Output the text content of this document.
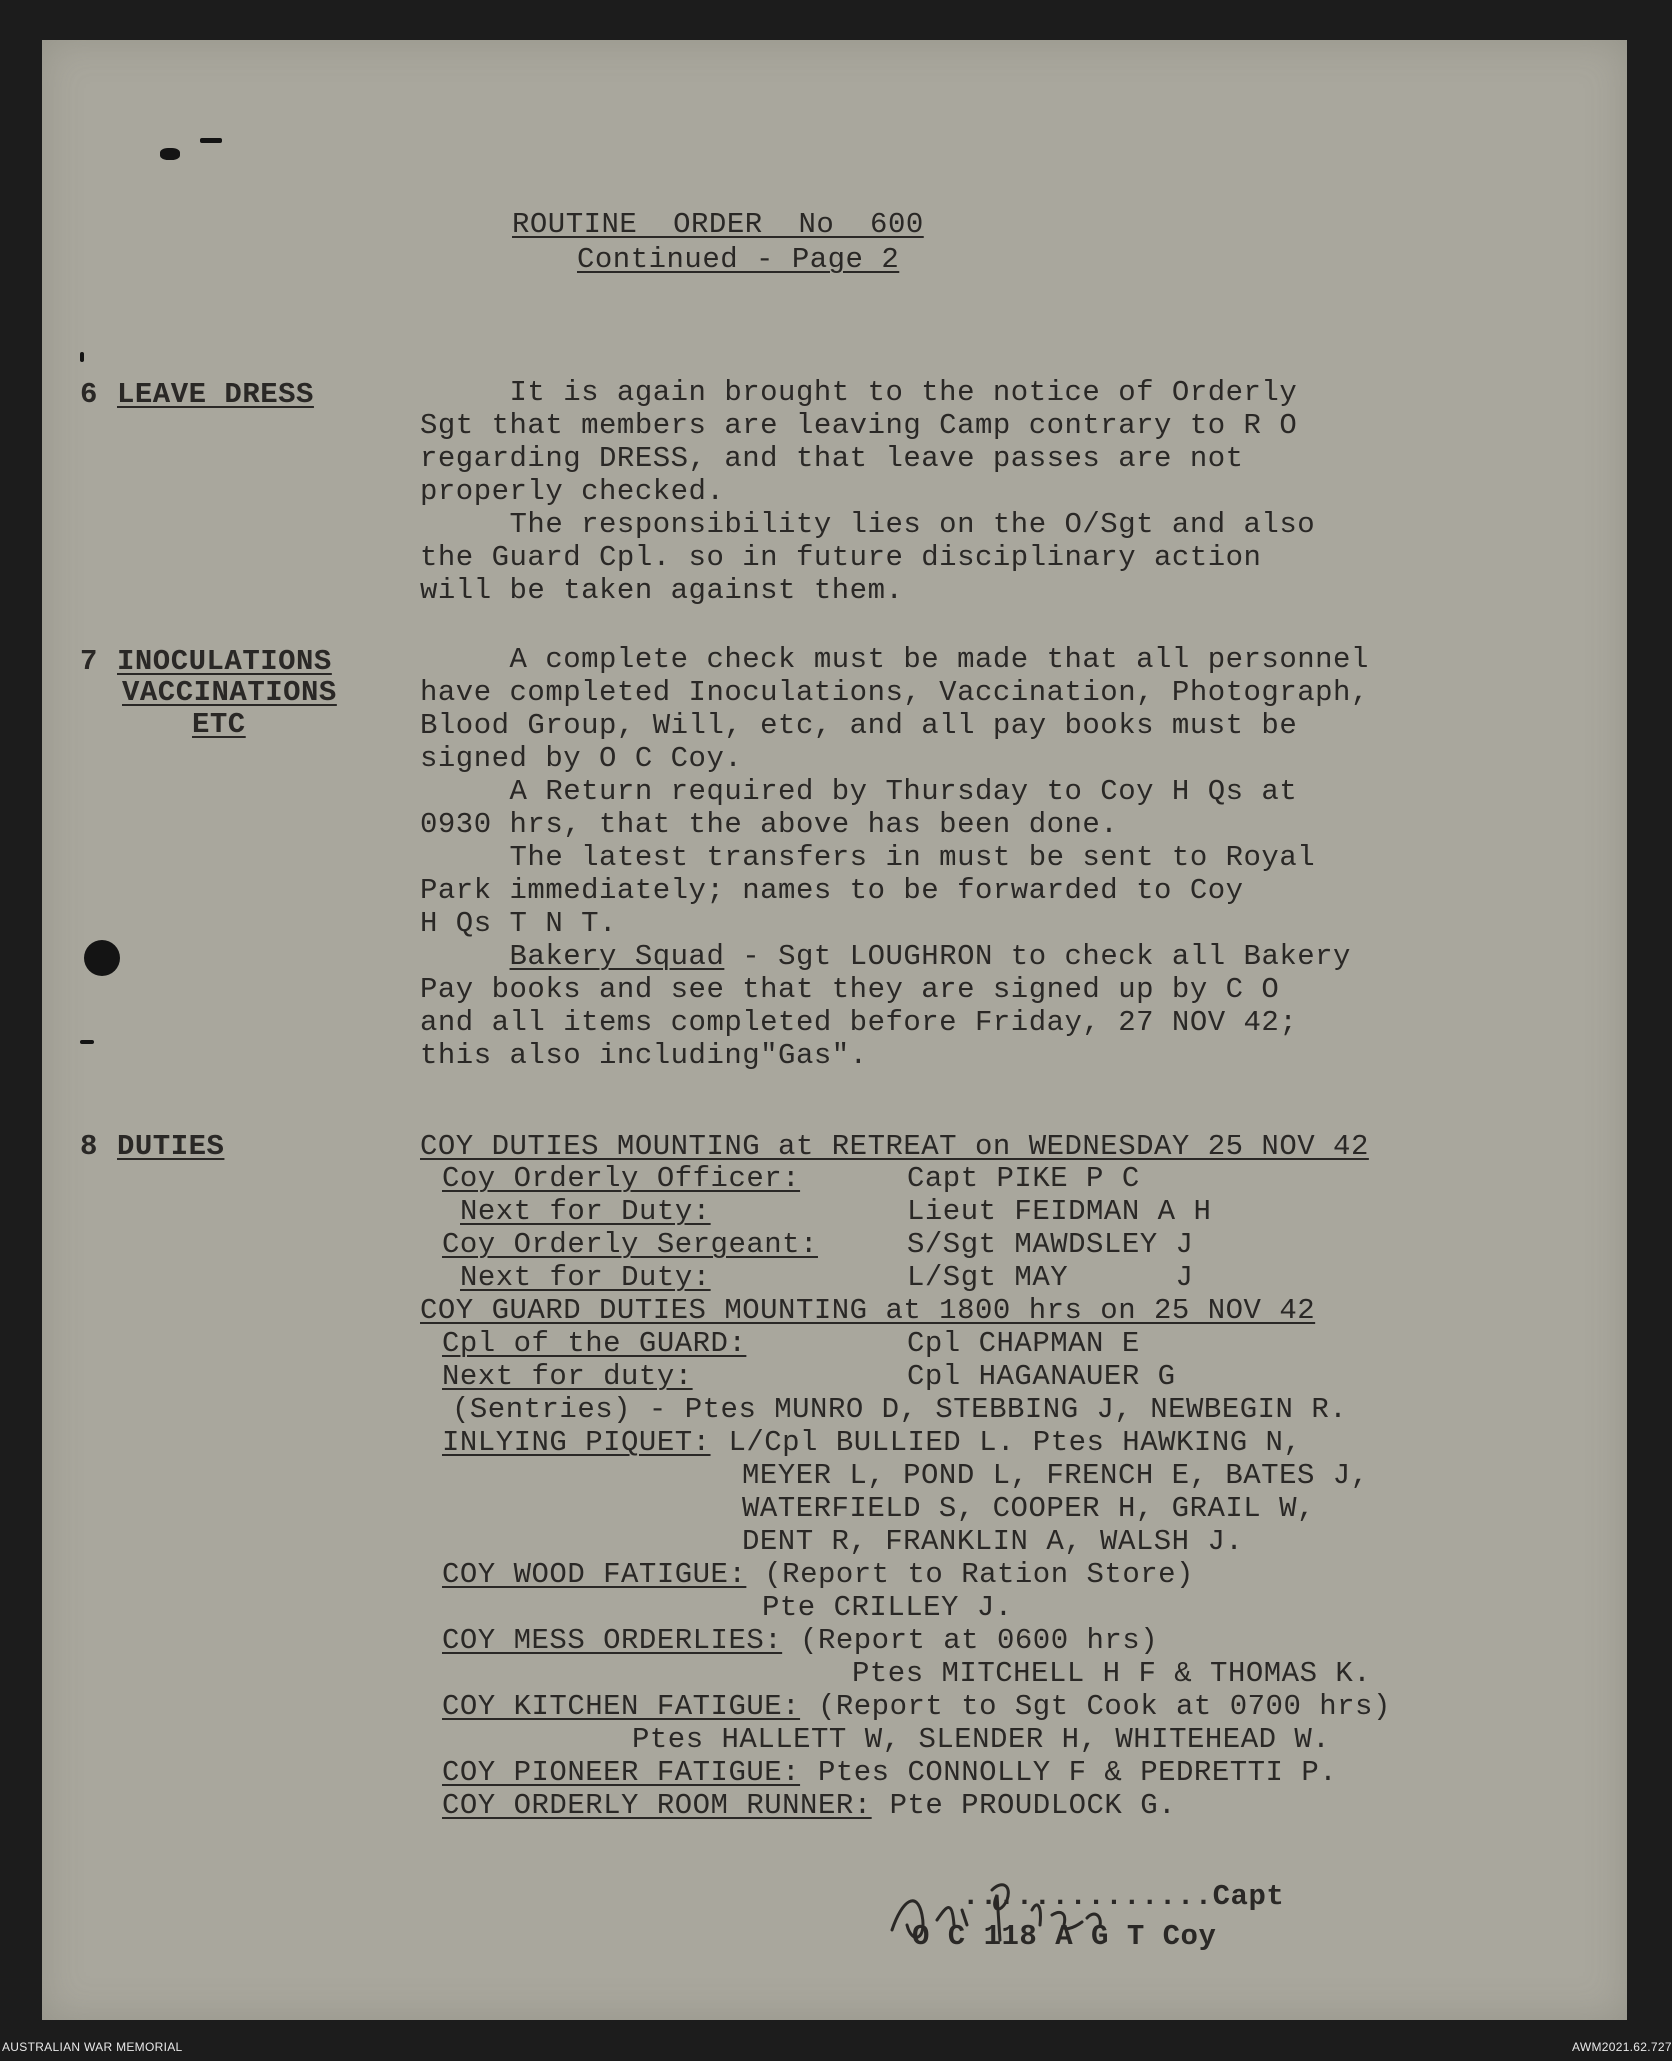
ROUTINE  ORDER  No  600
Continued - Page 2
6 LEAVE DRESS	It is again brought to the notice of Orderly
Sgt that members are leaving Camp contrary to R O
regarding DRESS, and that leave passes are not
properly checked.
The responsibility lies on the O/Sgt and also
the Guard Cpl. so in future disciplinary action
will be taken against them.
7 INOCULATIONS
VACCINATIONS
ETC
A complete check must be made that all personnel
have completed Inoculations, Vaccination, Photograph,
Blood Group, Will, etc, and all pay books must be
signed by O C Coy.
A Return required by Thursday to Coy H Qs at
0930 hrs, that the above has been done.
The latest transfers in must be sent to Royal
Park immediately; names to be forwarded to Coy
H Qs T N T.
Bakery Squad - Sgt LOUGHRON to check all Bakery
Pay books and see that they are signed up by C O
and all items completed before Friday, 27 NOV 42;
this also including"Gas".
8 DUTIES	COY DUTIES MOUNTING at RETREAT on WEDNESDAY 25 NOV 42
Coy Orderly Officer:	Capt PIKE P C
Next for Duty:	Lieut FEIDMAN A H
Coy Orderly Sergeant:	S/Sgt MAWDSLEY J
Next for Duty:	L/Sgt MAY      J
COY GUARD DUTIES MOUNTING at 1800 hrs on 25 NOV 42
Cpl of the GUARD:	Cpl CHAPMAN E
Next for duty:	Cpl HAGANAUER G
(Sentries) - Ptes MUNRO D, STEBBING J, NEWBEGIN R.
INLYING PIQUET: L/Cpl BULLIED L. Ptes HAWKING N,
MEYER L, POND L, FRENCH E, BATES J,
WATERFIELD S, COOPER H, GRAIL W,
DENT R, FRANKLIN A, WALSH J.
COY WOOD FATIGUE: (Report to Ration Store)
Pte CRILLEY J.
COY MESS ORDERLIES: (Report at 0600 hrs)
Ptes MITCHELL H F & THOMAS K.
COY KITCHEN FATIGUE: (Report to Sgt Cook at 0700 hrs)
Ptes HALLETT W, SLENDER H, WHITEHEAD W.
COY PIONEER FATIGUE: Ptes CONNOLLY F & PEDRETTI P.
COY ORDERLY ROOM RUNNER: Pte PROUDLOCK G.
..............Capt
O C 118 A G T Coy
AUSTRALIAN WAR MEMORIAL	AWM2021.62.727
